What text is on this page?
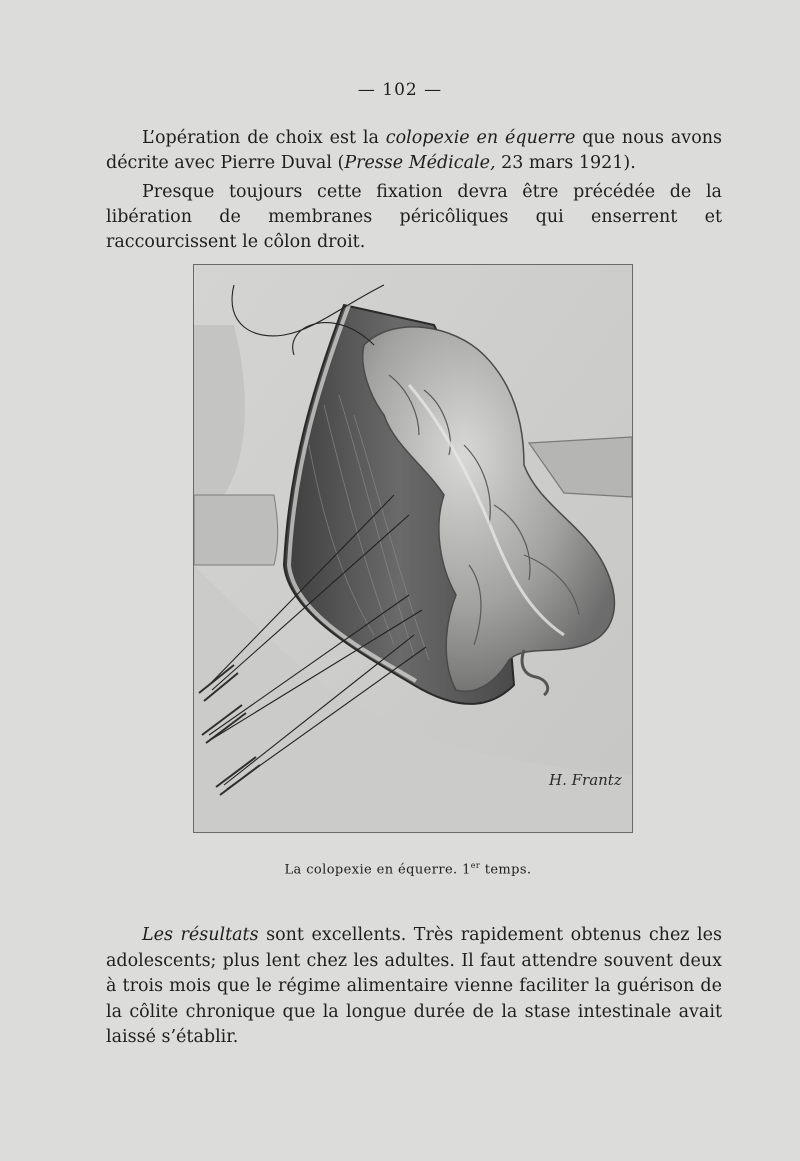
— 102 —

L’opération de choix est la colopexie en équerre que nous avons décrite avec Pierre Duval (Presse Médicale, 23 mars 1921).

Presque toujours cette fixation devra être précédée de la libération de membranes péricôliques qui enserrent et raccourcissent le côlon droit.

H. Frantz
La colopexie en équerre. 1er temps.

Les résultats sont excellents. Très rapidement obtenus chez les adolescents; plus lent chez les adultes. Il faut attendre souvent deux à trois mois que le régime alimentaire vienne faciliter la guérison de la côlite chronique que la longue durée de la stase intestinale avait laissé s’établir.
